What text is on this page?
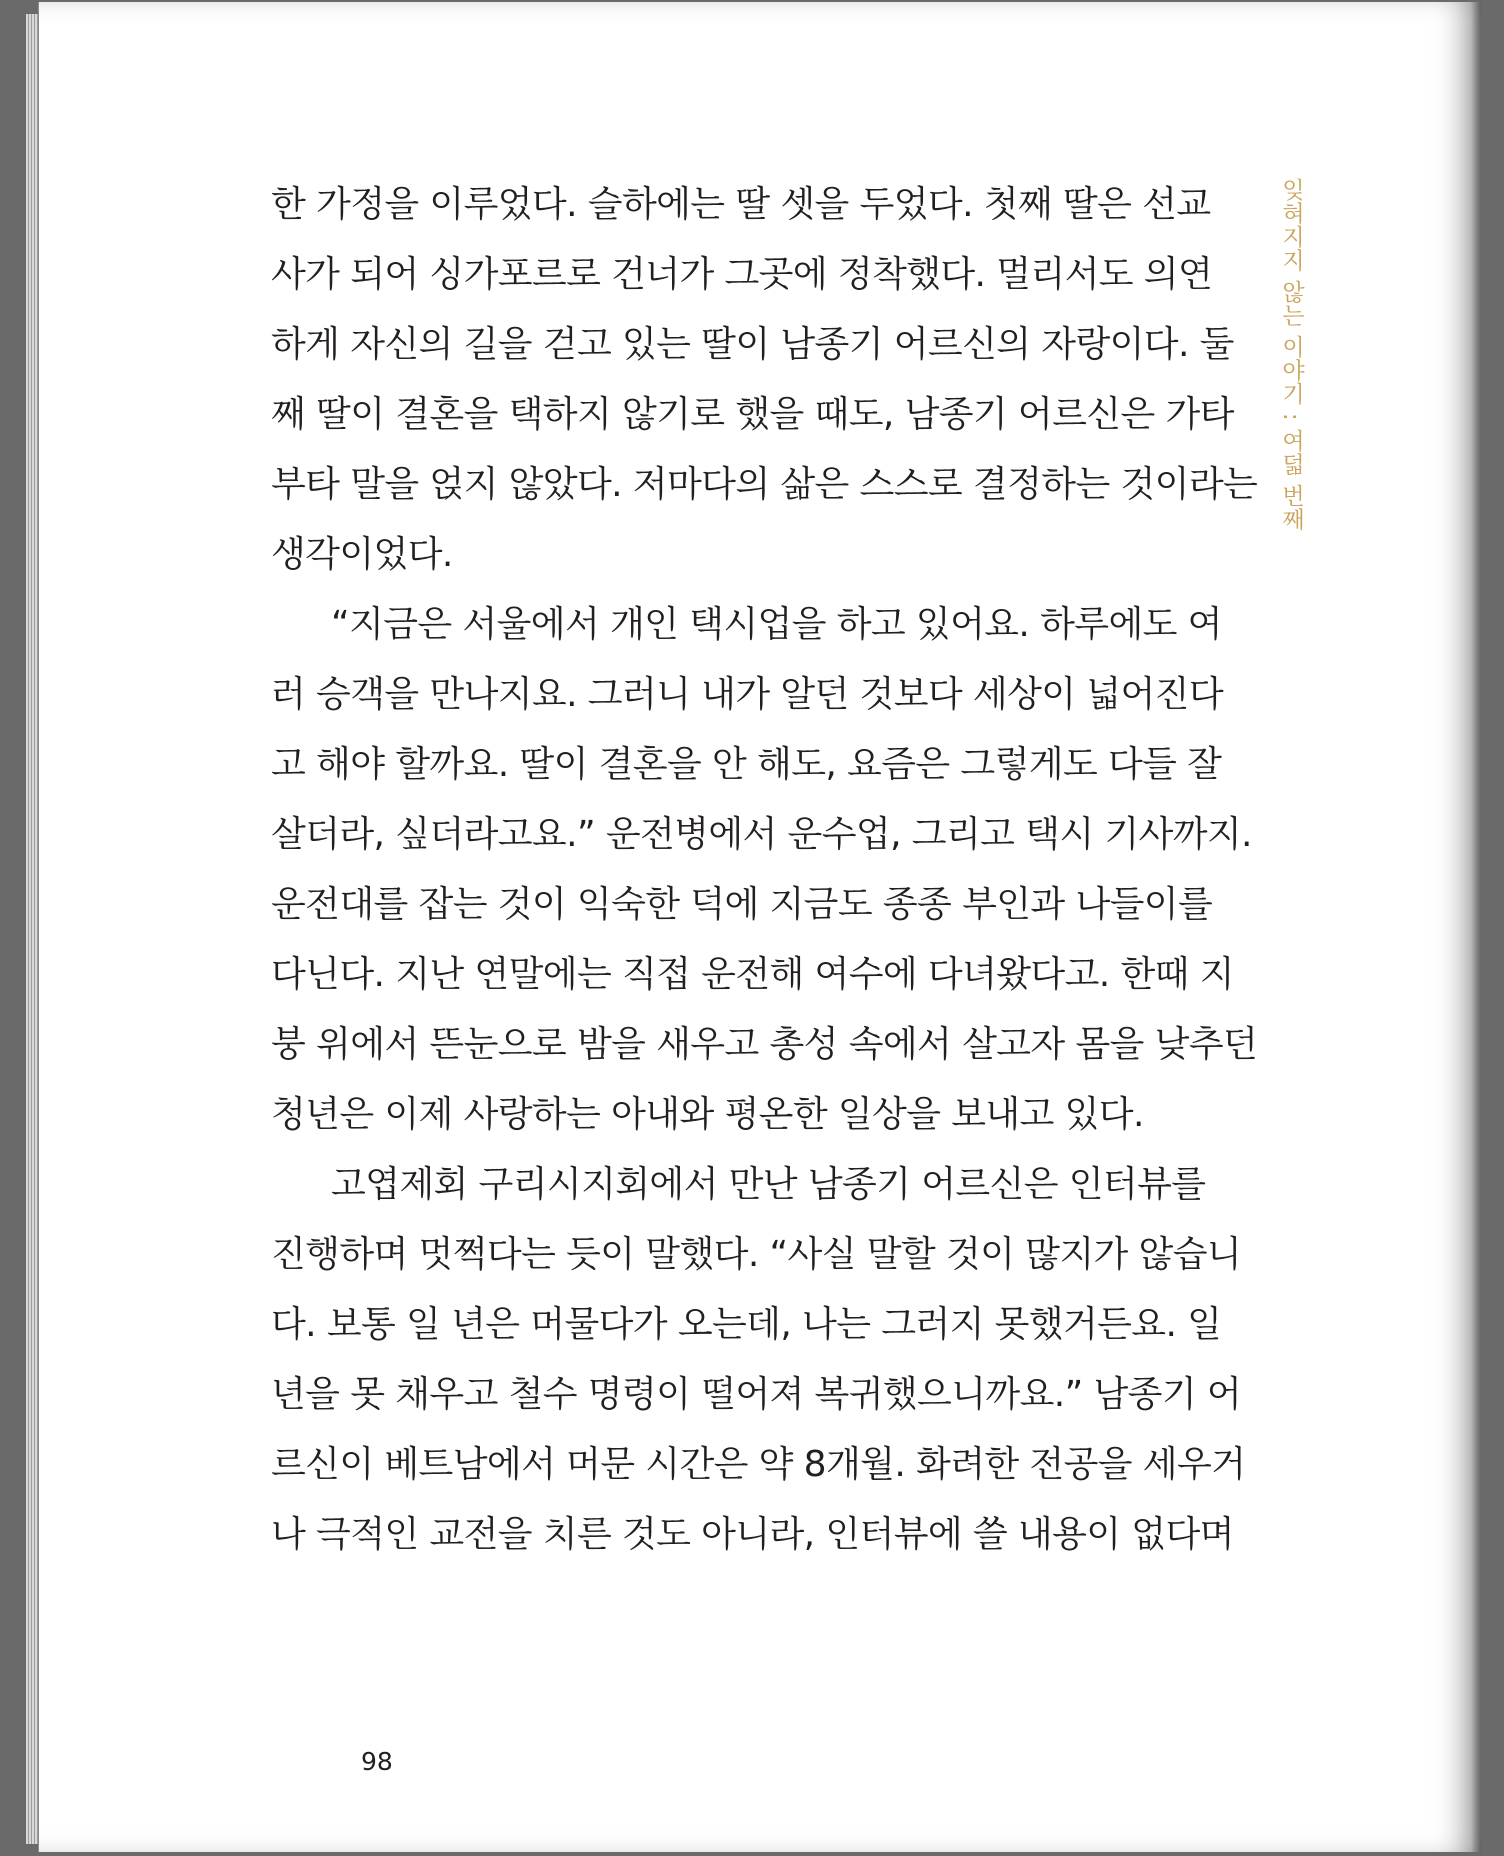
한 가정을 이루었다. 슬하에는 딸 셋을 두었다. 첫째 딸은 선교
사가 되어 싱가포르로 건너가 그곳에 정착했다. 멀리서도 의연
하게 자신의 길을 걷고 있는 딸이 남종기 어르신의 자랑이다. 둘
째 딸이 결혼을 택하지 않기로 했을 때도, 남종기 어르신은 가타
부타 말을 얹지 않았다. 저마다의 삶은 스스로 결정하는 것이라는
생각이었다.
“지금은 서울에서 개인 택시업을 하고 있어요. 하루에도 여
러 승객을 만나지요. 그러니 내가 알던 것보다 세상이 넓어진다
고 해야 할까요. 딸이 결혼을 안 해도, 요즘은 그렇게도 다들 잘
살더라, 싶더라고요.” 운전병에서 운수업, 그리고 택시 기사까지.
운전대를 잡는 것이 익숙한 덕에 지금도 종종 부인과 나들이를
다닌다. 지난 연말에는 직접 운전해 여수에 다녀왔다고. 한때 지
붕 위에서 뜬눈으로 밤을 새우고 총성 속에서 살고자 몸을 낮추던
청년은 이제 사랑하는 아내와 평온한 일상을 보내고 있다.
고엽제회 구리시지회에서 만난 남종기 어르신은 인터뷰를
진행하며 멋쩍다는 듯이 말했다. “사실 말할 것이 많지가 않습니
다. 보통 일 년은 머물다가 오는데, 나는 그러지 못했거든요. 일
년을 못 채우고 철수 명령이 떨어져 복귀했으니까요.” 남종기 어
르신이 베트남에서 머문 시간은 약 8개월. 화려한 전공을 세우거
나 극적인 교전을 치른 것도 아니라, 인터뷰에 쓸 내용이 없다며
잊혀지지 않는 이야기 : 여덟 번째
98
